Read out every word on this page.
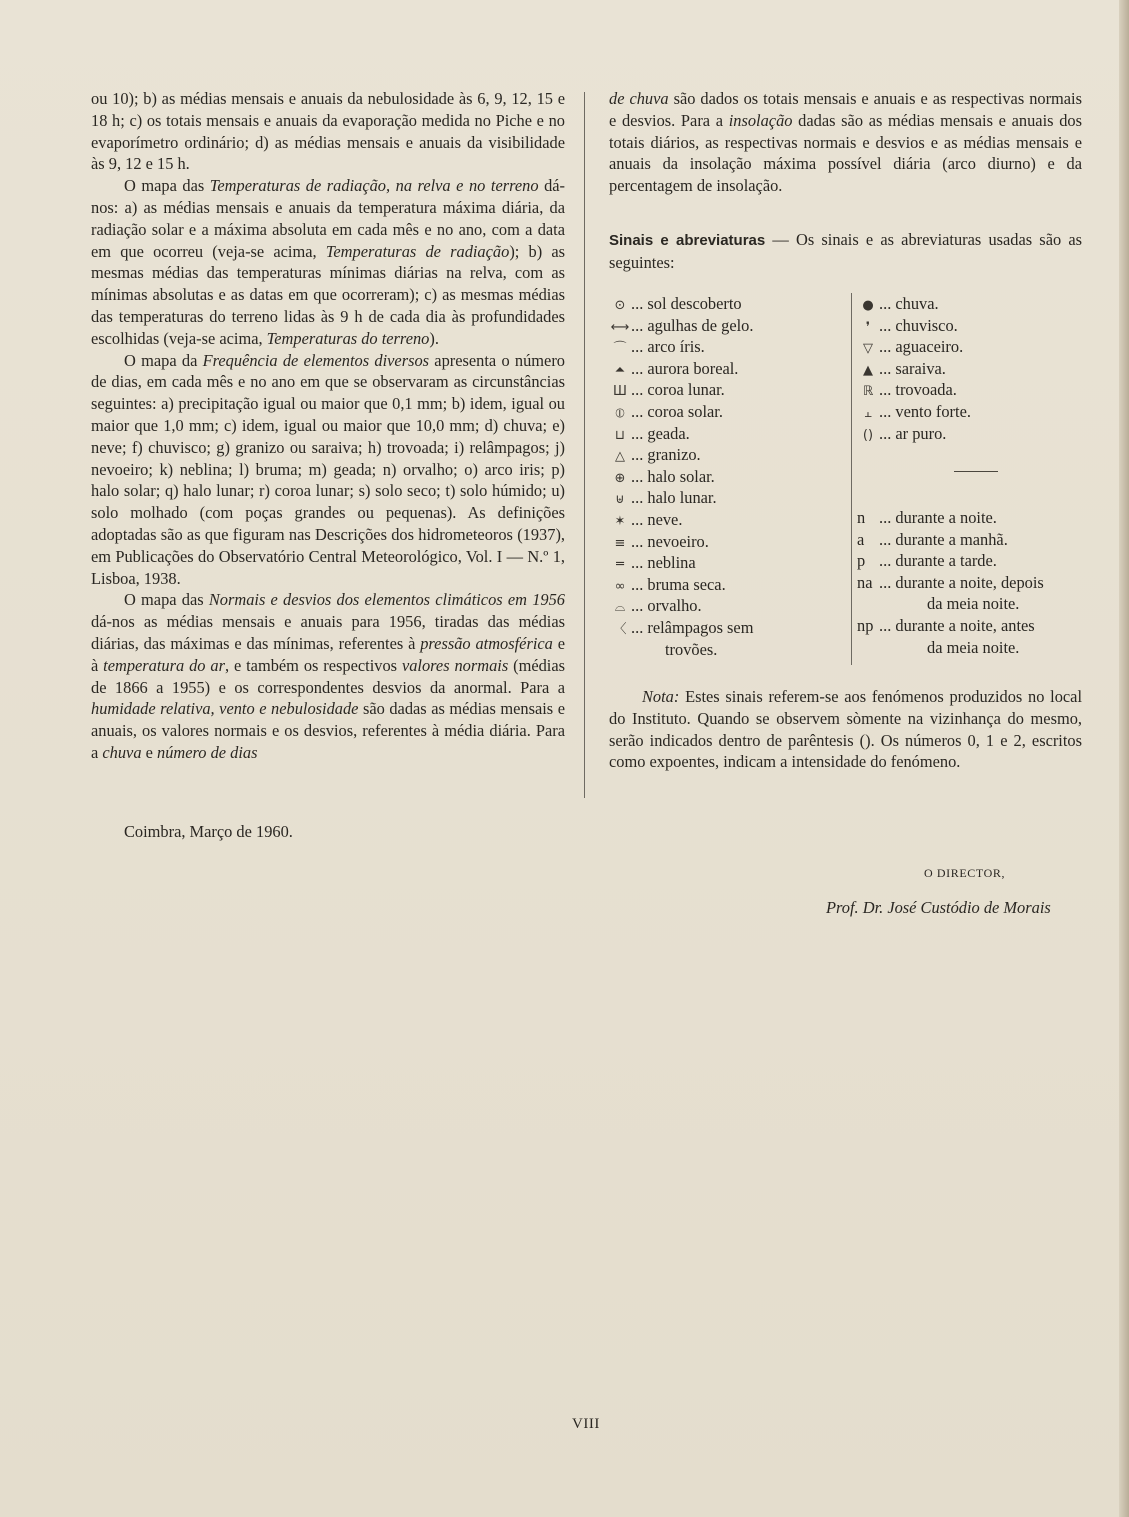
ou 10); b) as médias mensais e anuais da nebulosidade às 6, 9, 12, 15 e 18 h; c) os totais mensais e anuais da evaporação medida no Piche e no evaporímetro ordinário; d) as médias mensais e anuais da visibilidade às 9, 12 e 15 h.

O mapa das Temperaturas de radiação, na relva e no terreno dá-nos: a) as médias mensais e anuais da temperatura máxima diária, da radiação solar e a máxima absoluta em cada mês e no ano, com a data em que ocorreu (veja-se acima, Temperaturas de radiação); b) as mesmas médias das temperaturas mínimas diárias na relva, com as mínimas absolutas e as datas em que ocorreram); c) as mesmas médias das temperaturas do terreno lidas às 9 h de cada dia às profundidades escolhidas (veja-se acima, Temperaturas do terreno).

O mapa da Frequência de elementos diversos apresenta o número de dias, em cada mês e no ano em que se observaram as circunstâncias seguintes: a) precipitação igual ou maior que 0,1 mm; b) idem, igual ou maior que 1,0 mm; c) idem, igual ou maior que 10,0 mm; d) chuva; e) neve; f) chuvisco; g) granizo ou saraiva; h) trovoada; i) relâmpagos; j) nevoeiro; k) neblina; l) bruma; m) geada; n) orvalho; o) arco iris; p) halo solar; q) halo lunar; r) coroa lunar; s) solo seco; t) solo húmido; u) solo molhado (com poças grandes ou pequenas). As definições adoptadas são as que figuram nas Descrições dos hidrometeoros (1937), em Publicações do Observatório Central Meteorológico, Vol. I — N.º 1, Lisboa, 1938.

O mapa das Normais e desvios dos elementos climáticos em 1956 dá-nos as médias mensais e anuais para 1956, tiradas das médias diárias, das máximas e das mínimas, referentes à pressão atmosférica e à temperatura do ar, e também os respectivos valores normais (médias de 1866 a 1955) e os correspondentes desvios da anormal. Para a humidade relativa, vento e nebulosidade são dadas as médias mensais e anuais, os valores normais e os desvios, referentes à média diária. Para a chuva e número de dias

Coimbra, Março de 1960.

de chuva são dados os totais mensais e anuais e as respectivas normais e desvios. Para a insolação dadas são as médias mensais e anuais dos totais diários, as respectivas normais e desvios e as médias mensais e anuais da insolação máxima possível diária (arco diurno) e da percentagem de insolação.

Sinais e abreviaturas — Os sinais e as abreviaturas usadas são as seguintes:

⊙ ... sol descoberto
⟷ ... agulhas de gelo.
⌒ ... arco íris.
⏶ ... aurora boreal.
Ш ... coroa lunar.
⦶ ... coroa solar.
⊔ ... geada.
△ ... granizo.
⊕ ... halo solar.
⊎ ... halo lunar.
✶ ... neve.
≡ ... nevoeiro.
═ ... neblina
∞ ... bruma seca.
⌓ ... orvalho.
〈 ... relâmpagos sem
trovões.
● ... chuva.
❜ ... chuvisco.
▽ ... aguaceiro.
▲ ... saraiva.
ℝ ... trovoada.
⫠ ... vento forte.
() ... ar puro.
n ... durante a noite.
a ... durante a manhã.
p ... durante a tarde.
na ... durante a noite, depois
da meia noite.
np ... durante a noite, antes
da meia noite.
Nota: Estes sinais referem-se aos fenómenos produzidos no local do Instituto. Quando se observem sòmente na vizinhança do mesmo, serão indicados dentro de parêntesis (). Os números 0, 1 e 2, escritos como expoentes, indicam a intensidade do fenómeno.
O DIRECTOR,
Prof. Dr. José Custódio de Morais
VIII
